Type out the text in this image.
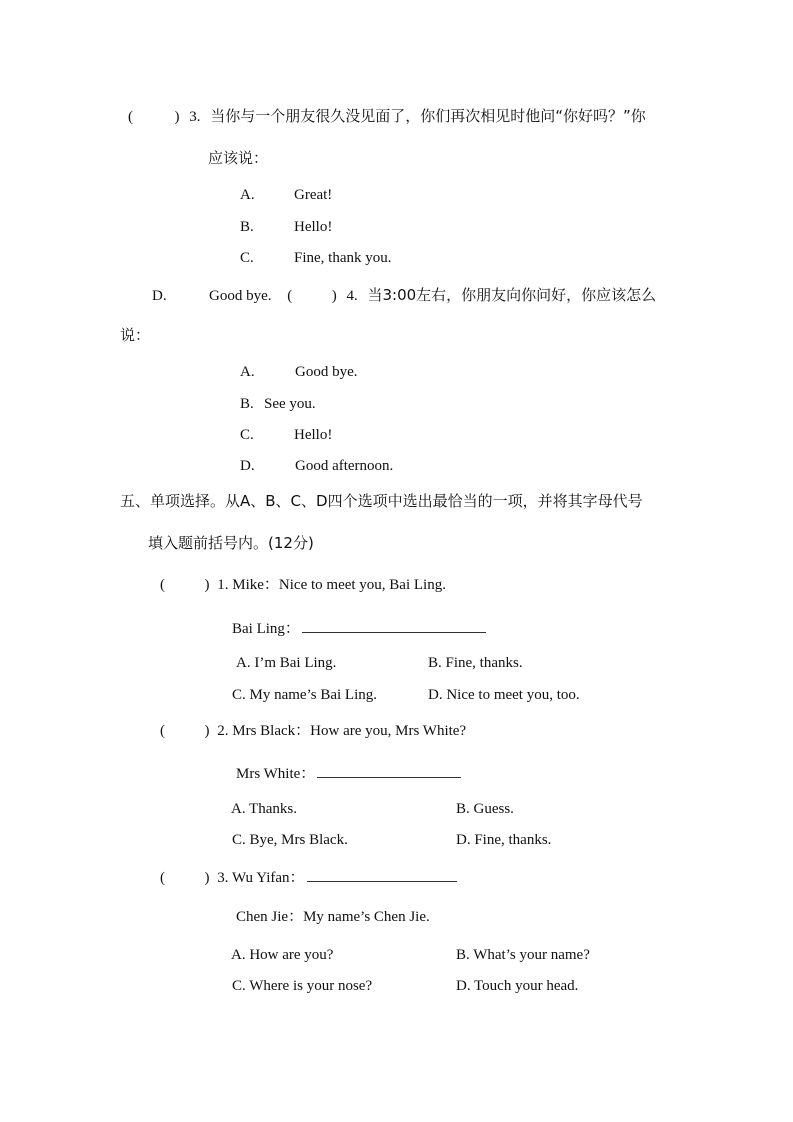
(	) 3. 当你与一个朋友很久没见面了，你们再次相见时他问“你好吗？”你
应该说：
A.	Great!
B.	Hello!
C.	Fine, thank you.
D.	Good bye. (	) 4. 当3:00左右，你朋友向你问好，你应该怎么
说：
A.	Good bye.
B. See you.
C.	Hello!
D.	Good afternoon.
五、单项选择。从A、B、C、D四个选项中选出最恰当的一项，并将其字母代号
填入题前括号内。(12分)
(	) 1. Mike：Nice to meet you, Bai Ling.
Bai Ling：
A. I’m Bai Ling.	B. Fine, thanks.
C. My name’s Bai Ling.	D. Nice to meet you, too.
(	) 2. Mrs Black：How are you, Mrs White?
Mrs White：
A. Thanks.	B. Guess.
C. Bye, Mrs Black.	D. Fine, thanks.
(	) 3. Wu Yifan：
Chen Jie：My name’s Chen Jie.
A. How are you?	B. What’s your name?
C. Where is your nose?	D. Touch your head.
